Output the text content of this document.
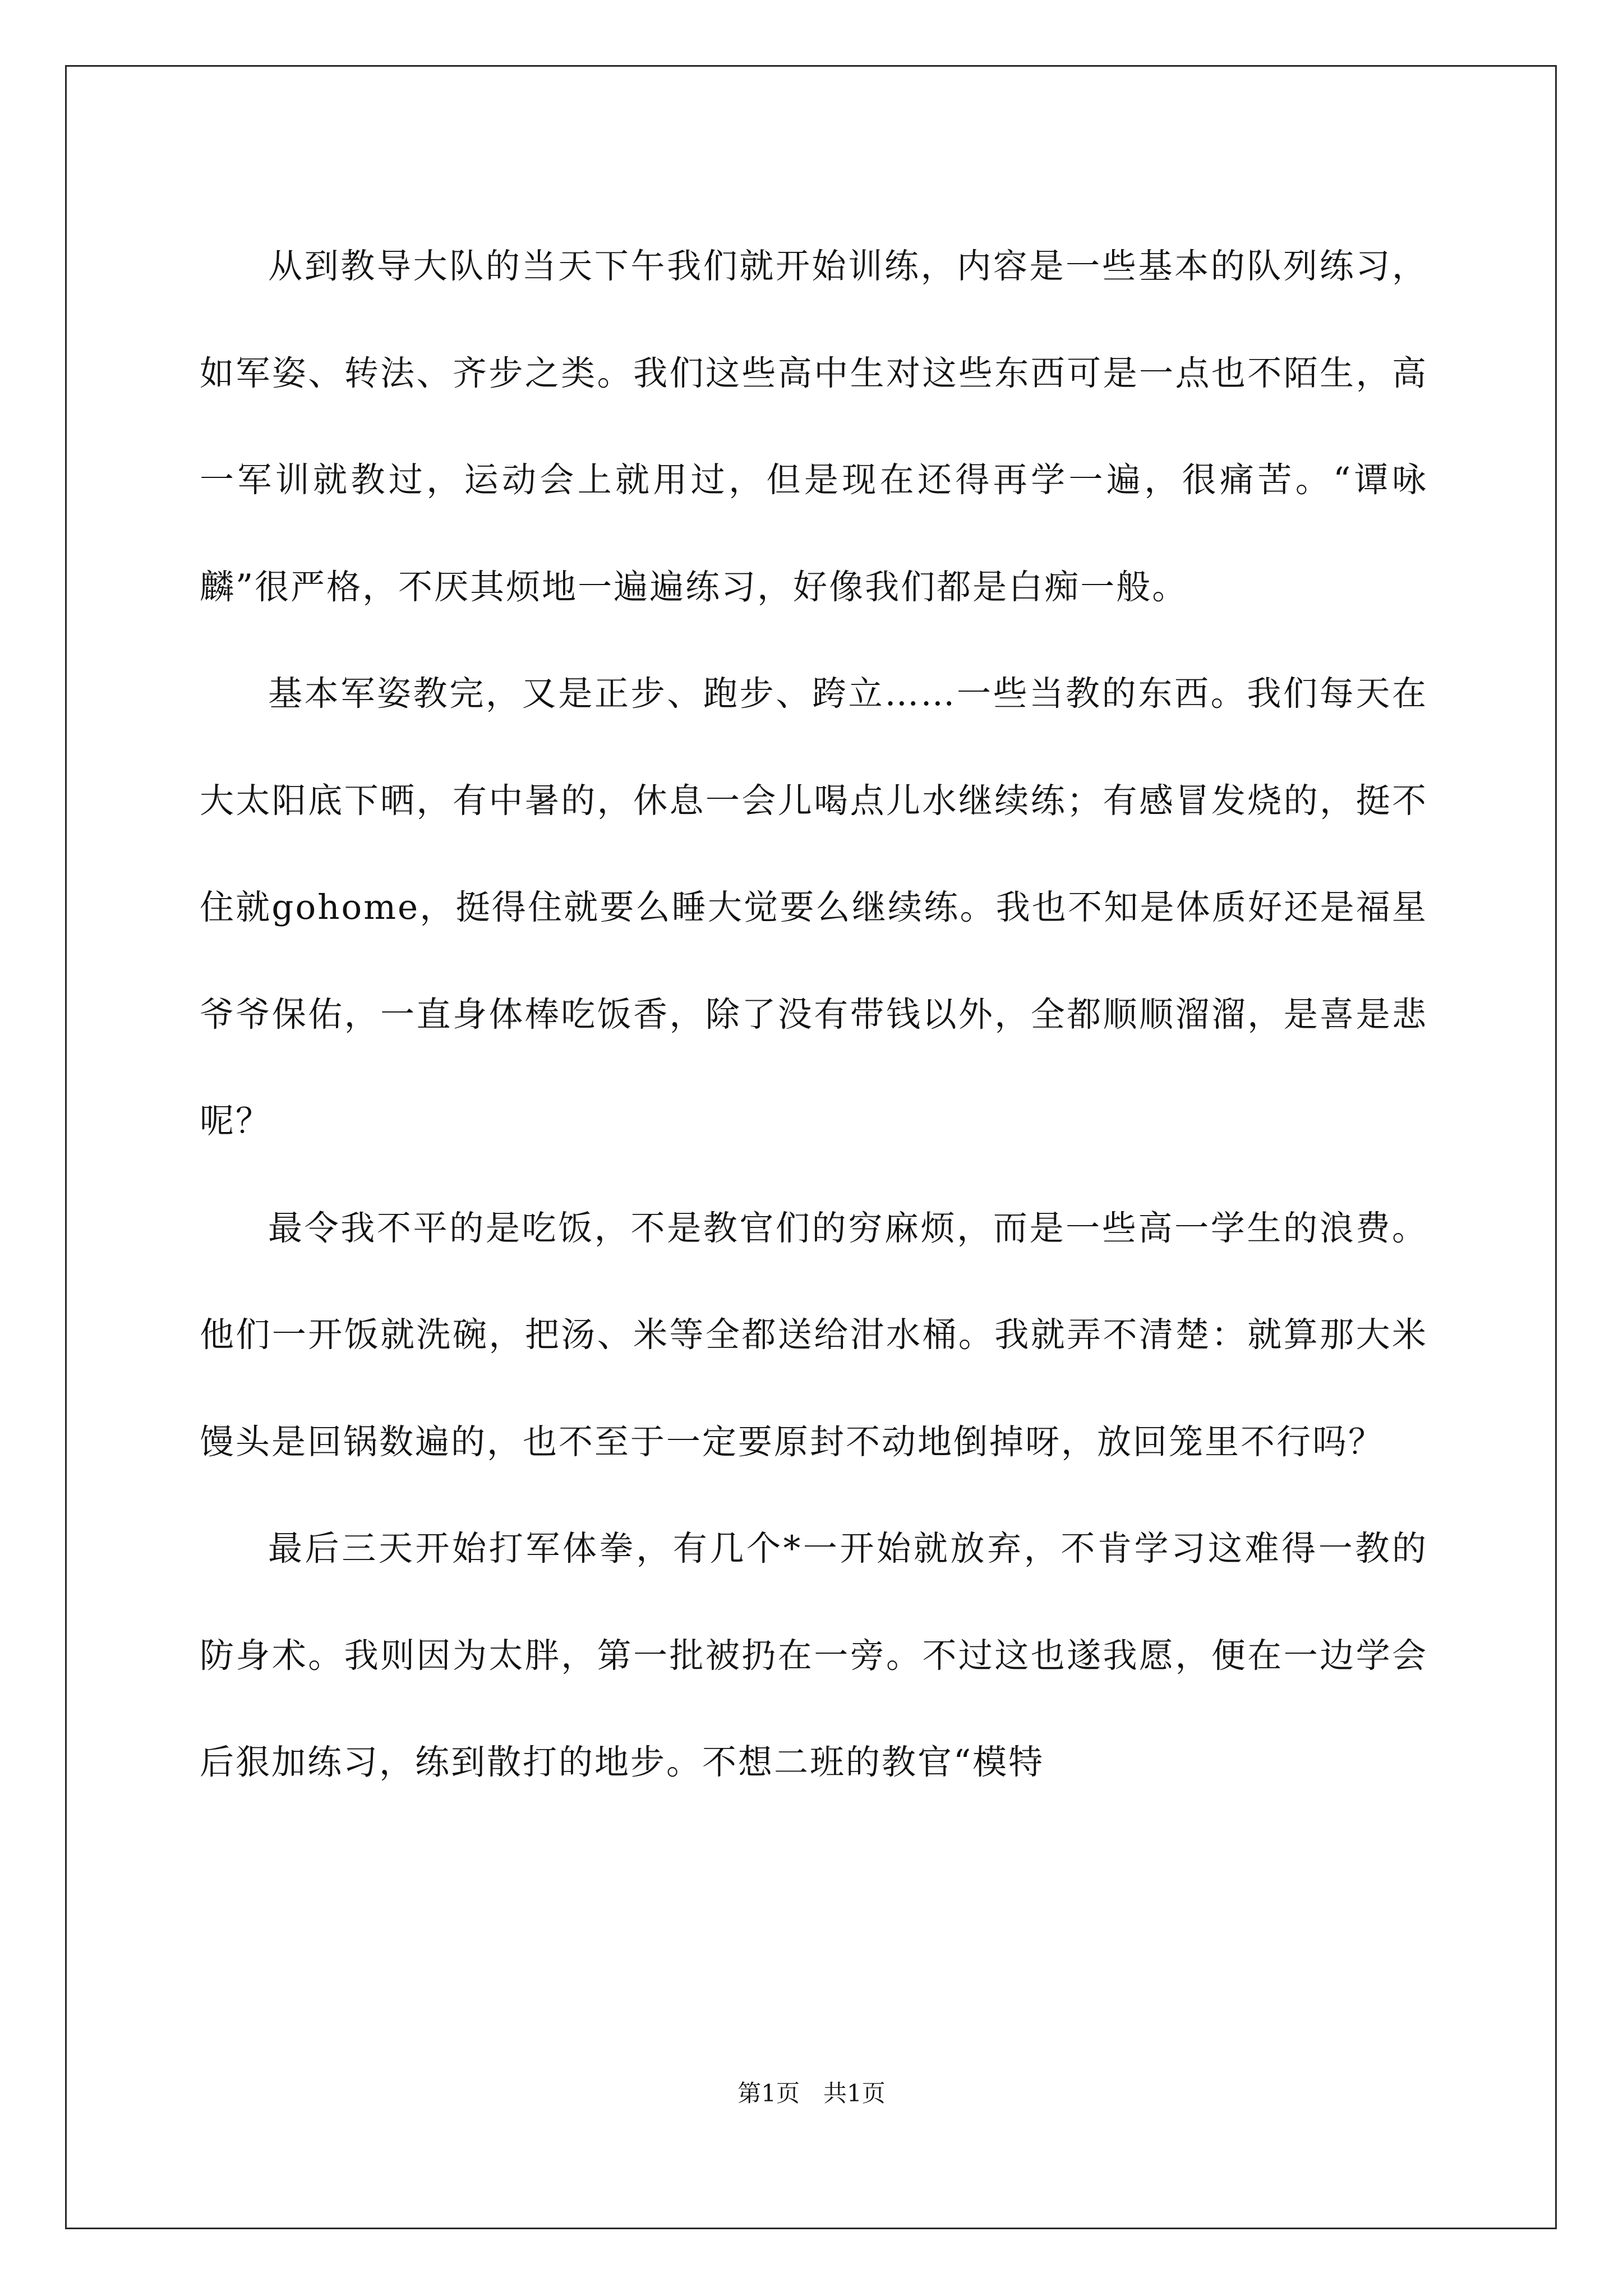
从到教导大队的当天下午我们就开始训练，内容是一些基本的队列练习，如军姿、转法、齐步之类。我们这些高中生对这些东西可是一点也不陌生，高一军训就教过，运动会上就用过，但是现在还得再学一遍，很痛苦。“谭咏麟”很严格，不厌其烦地一遍遍练习，好像我们都是白痴一般。

基本军姿教完，又是正步、跑步、跨立……一些当教的东西。我们每天在大太阳底下晒，有中暑的，休息一会儿喝点儿水继续练；有感冒发烧的，挺不住就gohome，挺得住就要么睡大觉要么继续练。我也不知是体质好还是福星爷爷保佑，一直身体棒吃饭香，除了没有带钱以外，全都顺顺溜溜，是喜是悲呢？

最令我不平的是吃饭，不是教官们的穷麻烦，而是一些高一学生的浪费。他们一开饭就洗碗，把汤、米等全都送给泔水桶。我就弄不清楚：就算那大米馒头是回锅数遍的，也不至于一定要原封不动地倒掉呀，放回笼里不行吗？

最后三天开始打军体拳，有几个*一开始就放弃，不肯学习这难得一教的防身术。我则因为太胖，第一批被扔在一旁。不过这也遂我愿，便在一边学会后狠加练习，练到散打的地步。不想二班的教官“模特

第1页 共1页
